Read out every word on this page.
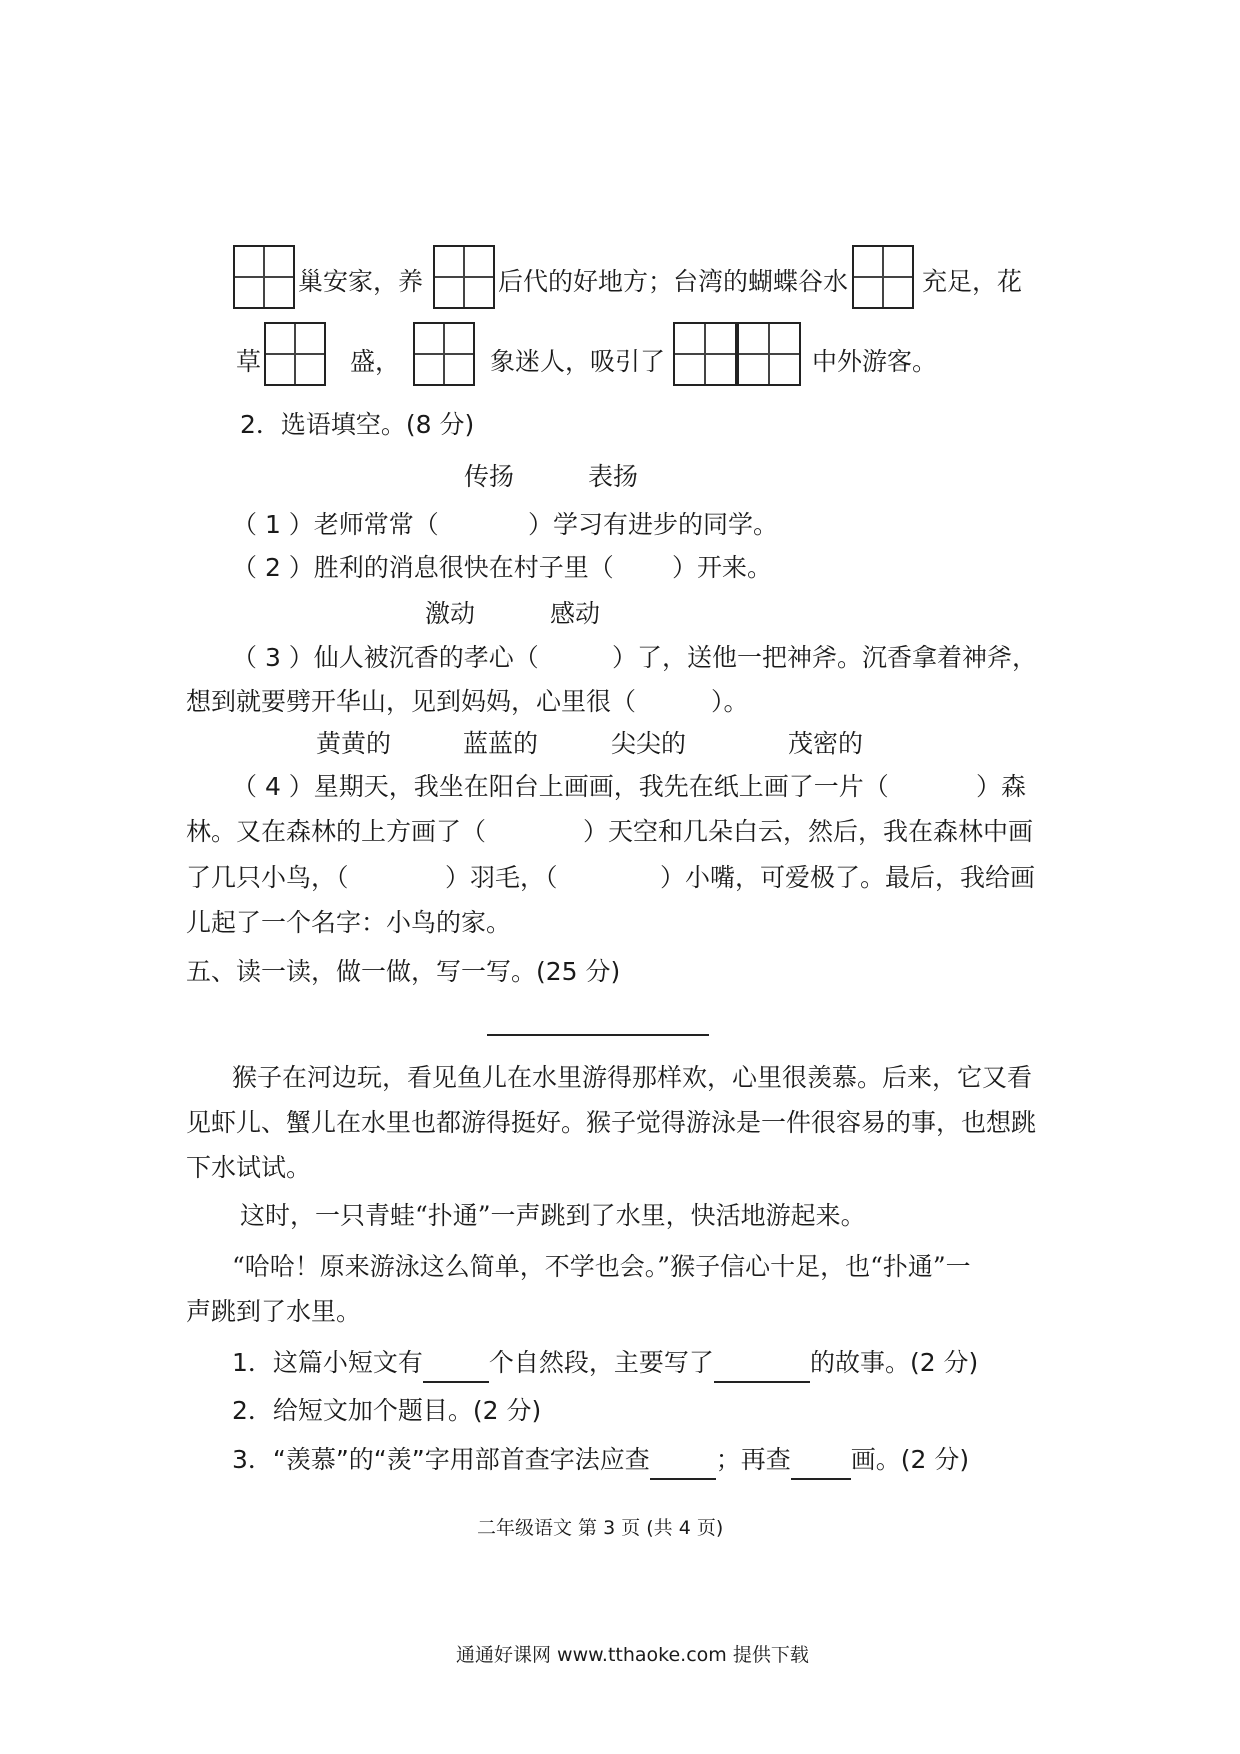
巢安家，养	后代的好地方；台湾的蝴蝶谷水	充足，花
草	盛，	象迷人，吸引了	中外游客。
2．选语填空。(8 分)
传扬	表扬
（ 1 ）老师常常（	）学习有进步的同学。
（ 2 ）胜利的消息很快在村子里（ ）开来。
激动	感动
（ 3 ）仙人被沉香的孝心（	）了，送他一把神斧。沉香拿着神斧，
想到就要劈开华山，见到妈妈，心里很（	）。
黄黄的	蓝蓝的	尖尖的	茂密的
（ 4 ）星期天，我坐在阳台上画画，我先在纸上画了一片（	）森
林。又在森林的上方画了（	）天空和几朵白云，然后，我在森林中画
了几只小鸟，（	）羽毛，（	）小嘴，可爱极了。最后，我给画
儿起了一个名字：小鸟的家。
五、读一读，做一做，写一写。(25 分)
猴子在河边玩，看见鱼儿在水里游得那样欢，心里很羡慕。后来，它又看
见虾儿、蟹儿在水里也都游得挺好。猴子觉得游泳是一件很容易的事，也想跳
下水试试。
这时，一只青蛙“扑通”一声跳到了水里，快活地游起来。
“哈哈！原来游泳这么简单，不学也会。”猴子信心十足，也“扑通”一
声跳到了水里。
1．这篇小短文有	个自然段，主要写了	的故事。(2 分)
2．给短文加个题目。(2 分)
3．“羡慕”的“羡”字用部首查字法应查	；再查 画。(2 分)
二年级语文 第 3 页 (共 4 页)
通通好课网 www.tthaoke.com 提供下载
